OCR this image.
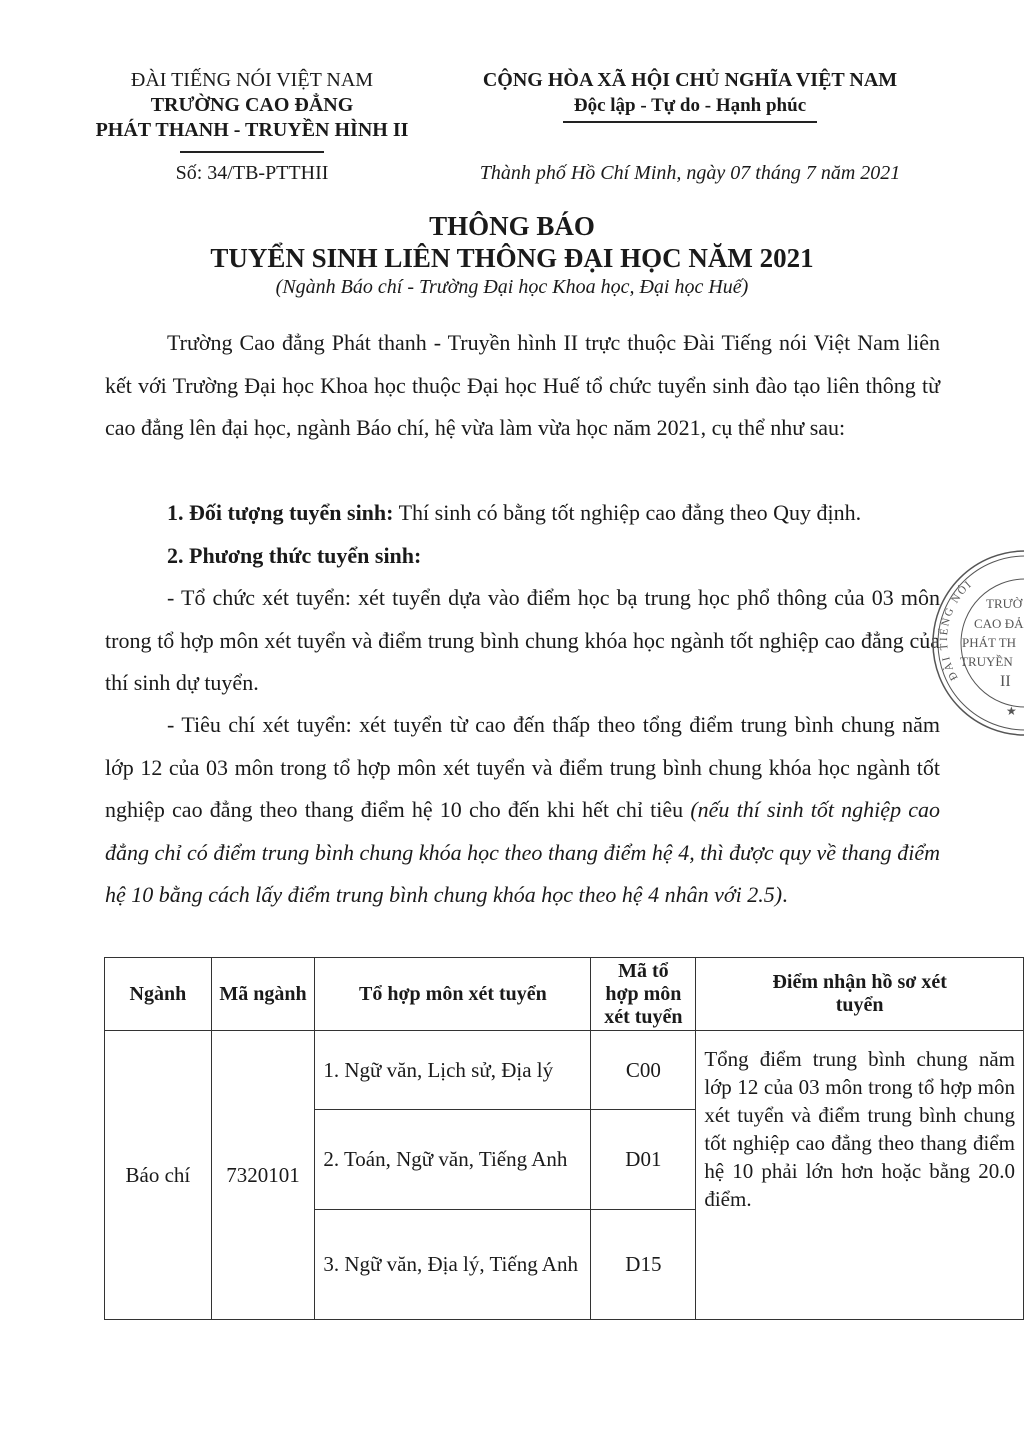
ĐÀI TIẾNG NÓI VIỆT NAM
TRƯỜNG CAO ĐẲNG
PHÁT THANH - TRUYỀN HÌNH II
Số: 34/TB-PTTHII
CỘNG HÒA XÃ HỘI CHỦ NGHĨA VIỆT NAM
Độc lập - Tự do - Hạnh phúc
Thành phố Hồ Chí Minh, ngày 07 tháng 7 năm 2021
THÔNG BÁO
TUYỂN SINH LIÊN THÔNG ĐẠI HỌC NĂM 2021
(Ngành Báo chí - Trường Đại học Khoa học, Đại học Huế)
Trường Cao đẳng Phát thanh - Truyền hình II trực thuộc Đài Tiếng nói Việt Nam liên kết với Trường Đại học Khoa học thuộc Đại học Huế tổ chức tuyển sinh đào tạo liên thông từ cao đẳng lên đại học, ngành Báo chí, hệ vừa làm vừa học năm 2021, cụ thể như sau:
1. Đối tượng tuyển sinh: Thí sinh có bằng tốt nghiệp cao đẳng theo Quy định.
2. Phương thức tuyển sinh:
- Tổ chức xét tuyển: xét tuyển dựa vào điểm học bạ trung học phổ thông của 03 môn trong tổ hợp môn xét tuyển và điểm trung bình chung khóa học ngành tốt nghiệp cao đẳng của thí sinh dự tuyển.
- Tiêu chí xét tuyển: xét tuyển từ cao đến thấp theo tổng điểm trung bình chung năm lớp 12 của 03 môn trong tổ hợp môn xét tuyển và điểm trung bình chung khóa học ngành tốt nghiệp cao đẳng theo thang điểm hệ 10 cho đến khi hết chỉ tiêu (nếu thí sinh tốt nghiệp cao đẳng chỉ có điểm trung bình chung khóa học theo thang điểm hệ 4, thì được quy về thang điểm hệ 10 bằng cách lấy điểm trung bình chung khóa học theo hệ 4 nhân với 2.5).
Ngành	Mã ngành	Tổ hợp môn xét tuyển	Mã tổ hợp môn xét tuyển	Điểm nhận hồ sơ xét tuyển
Báo chí	7320101	1. Ngữ văn, Lịch sử, Địa lý	C00	Tổng điểm trung bình chung năm lớp 12 của 03 môn trong tổ hợp môn xét tuyển và điểm trung bình chung tốt nghiệp cao đẳng theo thang điểm hệ 10 phải lớn hơn hoặc bằng 20.0 điểm.
		2. Toán, Ngữ văn, Tiếng Anh	D01	
		3. Ngữ văn, Địa lý, Tiếng Anh	D15	
ĐÀI TIẾNG NÓI
TRƯỜ
CAO ĐẢ
PHÁT TH
TRUYỀN
II
★
